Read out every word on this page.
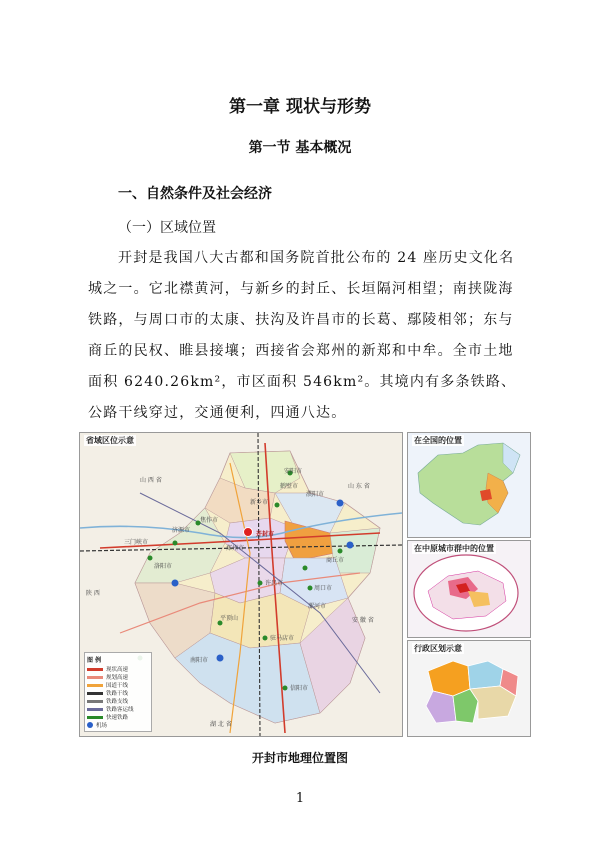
第一章 现状与形势
第一节 基本概况
一、自然条件及社会经济
（一）区域位置

开封是我国八大古都和国务院首批公布的 24 座历史文化名城之一。它北襟黄河，与新乡的封丘、长垣隔河相望；南挟陇海铁路，与周口市的太康、扶沟及许昌市的长葛、鄢陵相邻；东与商丘的民权、睢县接壤；西接省会郑州的新郑和中牟。全市土地面积 6240.26km²，市区面积 546km²。其境内有多条铁路、公路干线穿过，交通便利，四通八达。

省域区位示意
山 西 省
山 东 省
安 徽 省
湖 北 省
陕 西
郑州市
开封市
商丘市
安阳市
新乡市
洛阳市
许昌市
周口市
南阳市
信阳市
驻马店市
平顶山
焦作市
三门峡市
漯河市
濮阳市
鹤壁市
济源市
图 例
现状高速
规划高速
国道干线
铁路干线
铁路支线
铁路客运线
快速铁路
机场
在全国的位置
在中原城市群中的位置
行政区划示意
开封市地理位置图
1
